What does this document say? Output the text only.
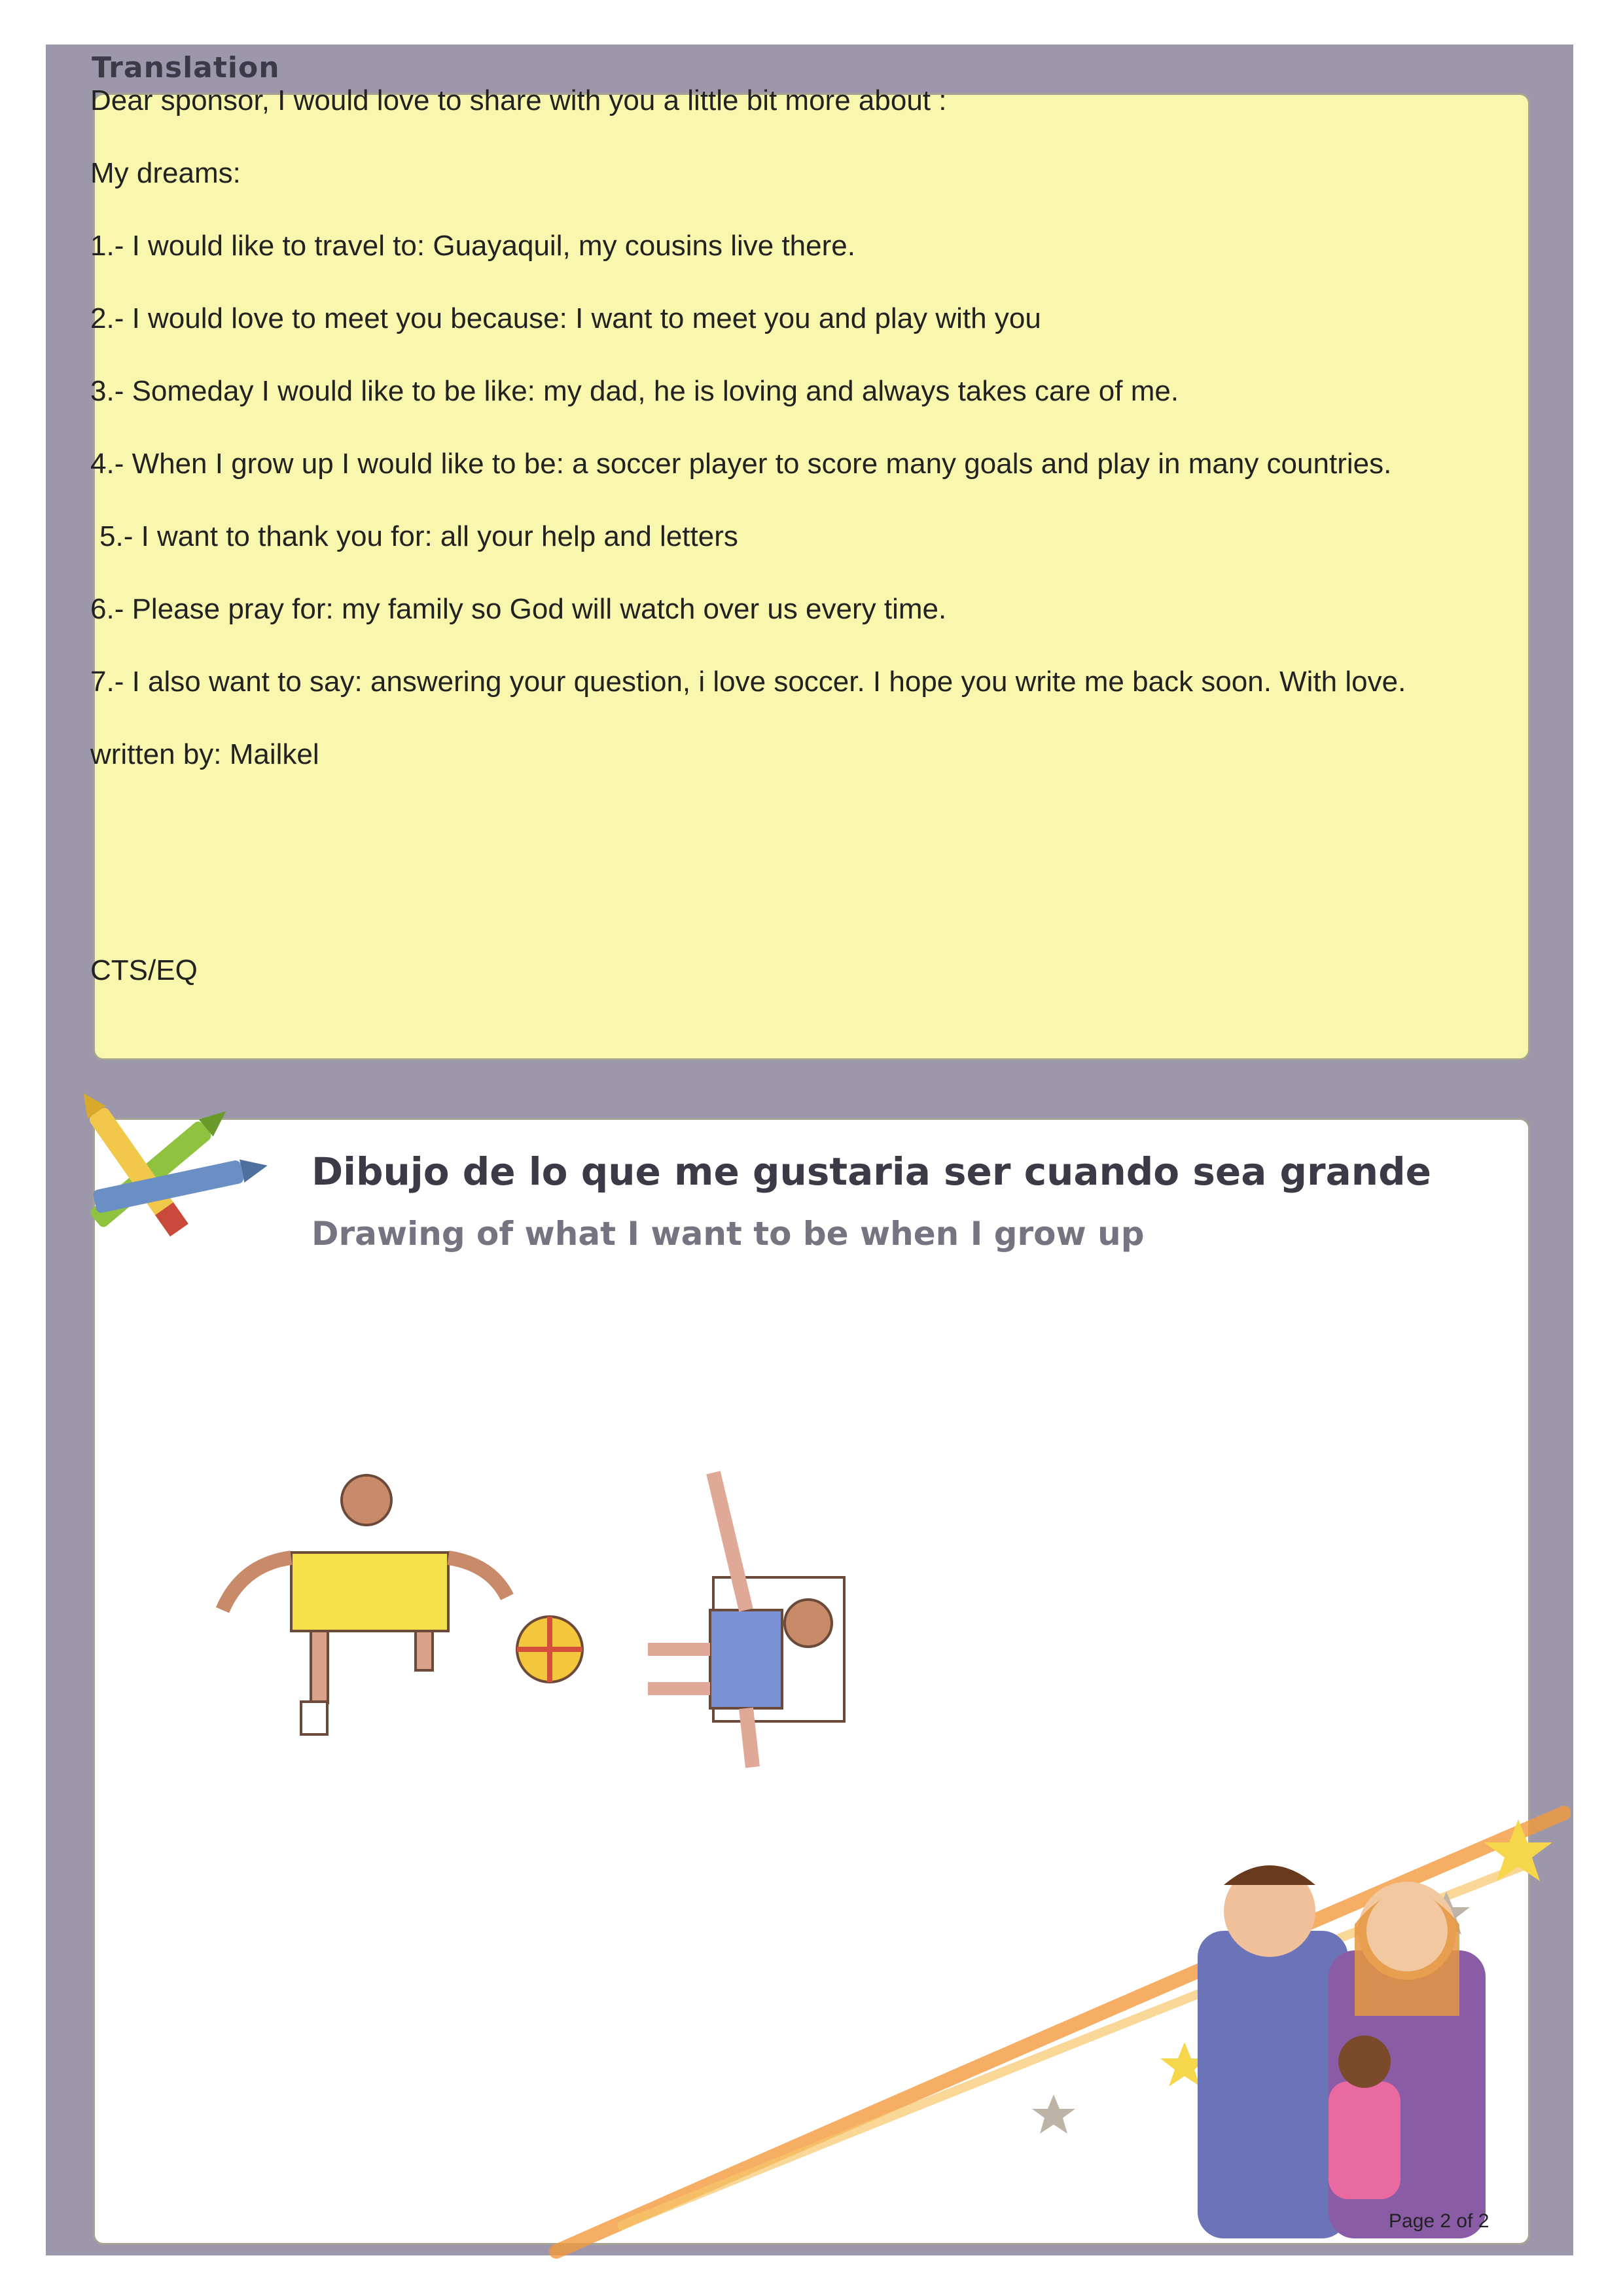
Translation

Dear sponsor, I would love to share with you a little bit more about :

My dreams:

1.- I would like to travel to: Guayaquil, my cousins live there.

2.- I would love to meet you because: I want to meet you and play with you

3.- Someday I would like to be like: my dad, he is loving and always takes care of me.

4.- When I grow up I would like to be: a soccer player to score many goals and play in many countries.

5.- I want to thank you for: all your help and letters

6.- Please pray for: my family so God will watch over us every time.

7.- I also want to say: answering your question, i love soccer. I hope you write me back soon. With love.

written by: Mailkel

CTS/EQ
Dibujo de lo que me gustaria ser cuando sea grande
Drawing of what I want to be when I grow up
Page 2 of 2
